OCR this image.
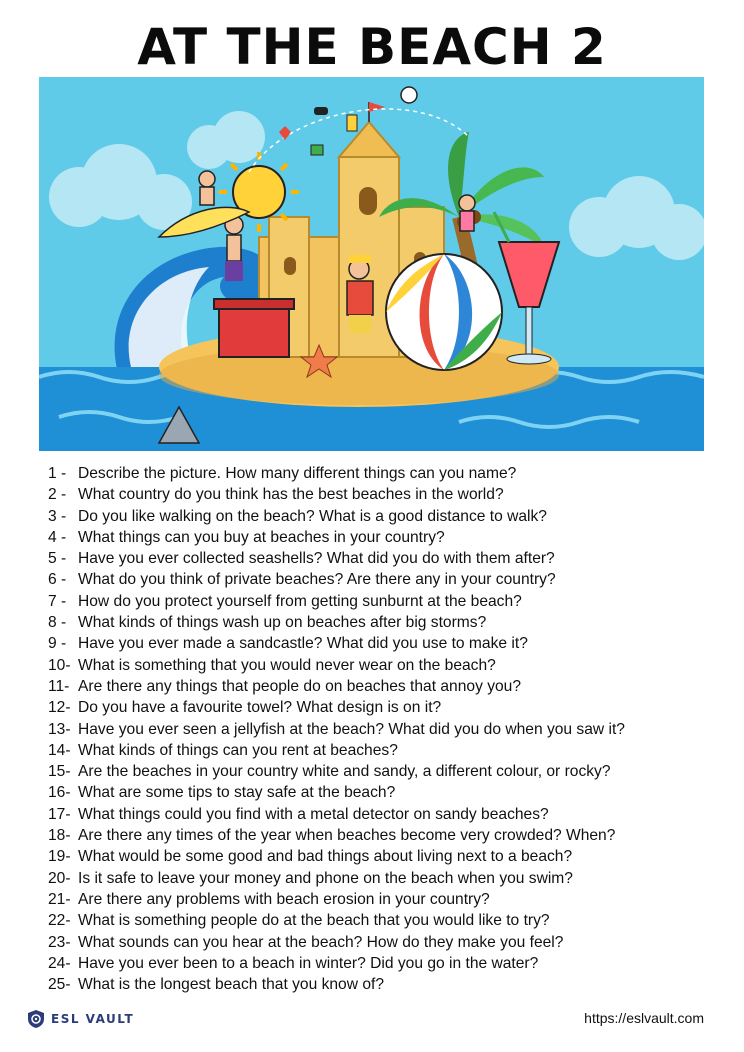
AT THE BEACH 2
1 - Describe the picture. How many different things can you name?
2 - What country do you think has the best beaches in the world?
3 - Do you like walking on the beach? What is a good distance to walk?
4 - What things can you buy at beaches in your country?
5 - Have you ever collected seashells? What did you do with them after?
6 - What do you think of private beaches? Are there any in your country?
7 - How do you protect yourself from getting sunburnt at the beach?
8 - What kinds of things wash up on beaches after big storms?
9 - Have you ever made a sandcastle? What did you use to make it?
10- What is something that you would never wear on the beach?
11- Are there any things that people do on beaches that annoy you?
12- Do you have a favourite towel? What design is on it?
13- Have you ever seen a jellyfish at the beach? What did you do when you saw it?
14- What kinds of things can you rent at beaches?
15- Are the beaches in your country white and sandy, a different colour, or rocky?
16- What are some tips to stay safe at the beach?
17- What things could you find with a metal detector on sandy beaches?
18- Are there any times of the year when beaches become very crowded? When?
19- What would be some good and bad things about living next to a beach?
20- Is it safe to leave your money and phone on the beach when you swim?
21- Are there any problems with beach erosion in your country?
22- What is something people do at the beach that you would like to try?
23- What sounds can you hear at the beach? How do they make you feel?
24- Have you ever been to a beach in winter? Did you go in the water?
25- What is the longest beach that you know of?
ESL VAULT	https://eslvault.com
